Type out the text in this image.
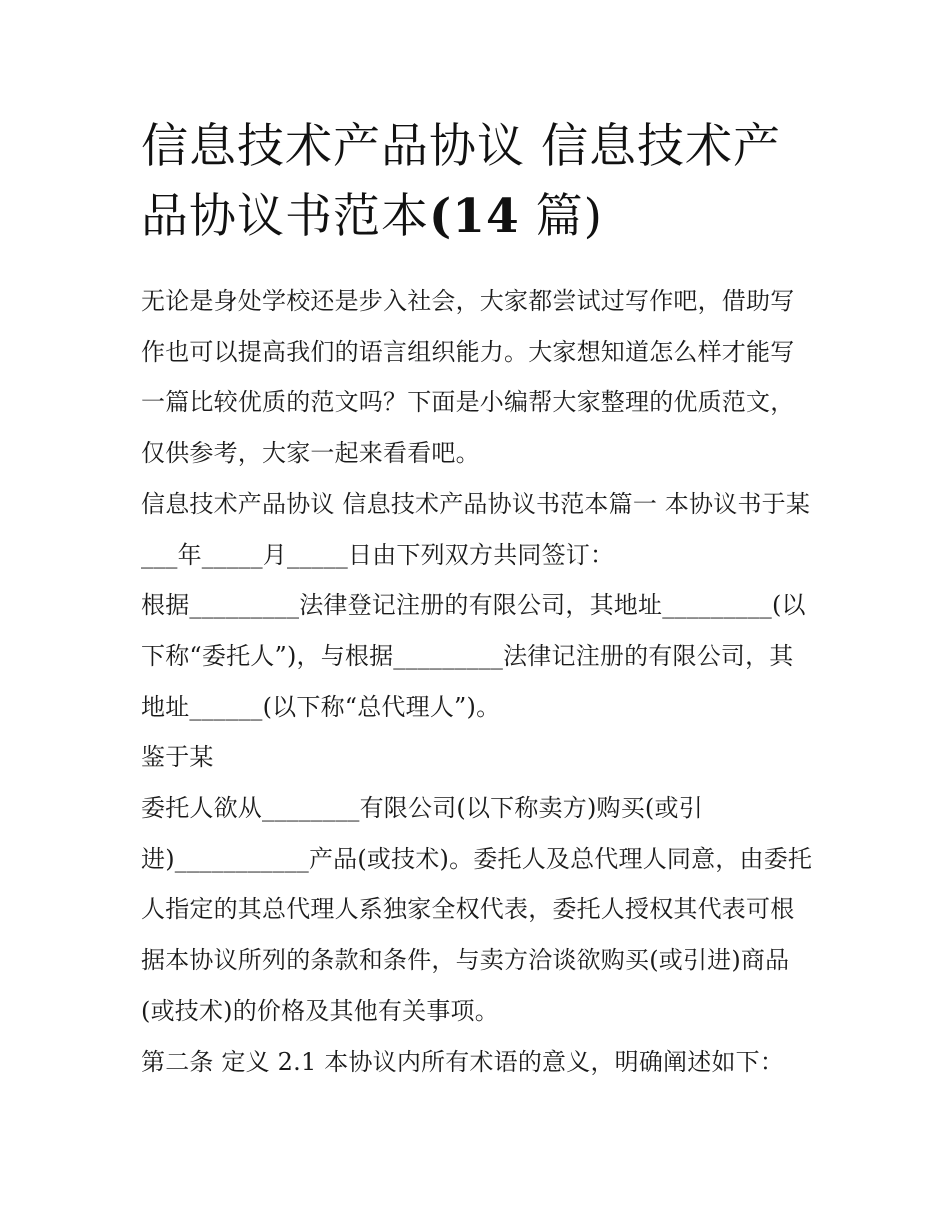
信息技术产品协议 信息技术产品协议书范本(14 篇)

无论是身处学校还是步入社会，大家都尝试过写作吧，借助写作也可以提高我们的语言组织能力。大家想知道怎么样才能写一篇比较优质的范文吗？下面是小编帮大家整理的优质范文，仅供参考，大家一起来看看吧。

信息技术产品协议 信息技术产品协议书范本篇一 本协议书于某___年_____月_____日由下列双方共同签订：

根据_________法律登记注册的有限公司，其地址_________(以下称“委托人”)，与根据_________法律记注册的有限公司，其地址______(以下称“总代理人”)。

鉴于某

委托人欲从________有限公司(以下称卖方)购买(或引进)___________产品(或技术)。委托人及总代理人同意，由委托人指定的其总代理人系独家全权代表，委托人授权其代表可根据本协议所列的条款和条件，与卖方洽谈欲购买(或引进)商品(或技术)的价格及其他有关事项。

第二条 定义 2.1 本协议内所有术语的意义，明确阐述如下：
